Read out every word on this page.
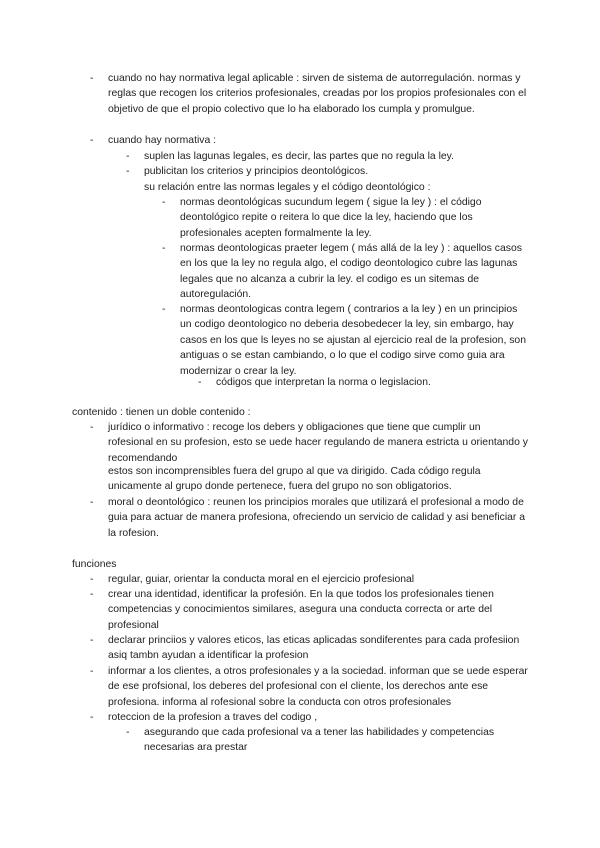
- cuando no hay normativa legal aplicable : sirven de sistema de autorregulación. normas y reglas que recogen los criterios profesionales, creadas por los propios profesionales con el objetivo de que el propio colectivo que lo ha elaborado los cumpla y promulgue.

- cuando hay normativa :

- suplen las lagunas legales, es decir, las partes que no regula la ley.

- publicitan los criterios y principios deontológicos.

su relación entre las normas legales y el código deontológico :

- normas deontológicas sucundum legem ( sigue la ley ) : el código deontológico repite o reitera lo que dice la ley, haciendo que los profesionales acepten formalmente la ley.

- normas deontologicas praeter legem ( más allá de la ley ) : aquellos casos en los que la ley no regula algo, el codigo deontologico cubre las lagunas legales que no alcanza a cubrir la ley. el codigo es un sitemas de autoregulación.

- normas deontologicas contra legem ( contrarios a la ley ) en un principios un codigo deontologico no deberia desobedecer la ley, sin embargo, hay casos en los que ls leyes no se ajustan al ejercicio real de la profesion, son antiguas o se estan cambiando, o lo que el codigo sirve como guia ara modernizar o crear la ley.

- códigos que interpretan la norma o legislacion.

contenido : tienen un doble contenido :

- jurídico o informativo : recoge los debers y obligaciones que tiene que cumplir un rofesional en su profesion, esto se uede hacer regulando de manera estricta u orientando y recomendando

estos son incomprensibles fuera del grupo al que va dirigido. Cada código regula unicamente al grupo donde pertenece, fuera del grupo no son obligatorios.

- moral o deontológico : reunen los principios morales que utilizará el profesional a modo de guia para actuar de manera profesiona, ofreciendo un servicio de calidad y asi beneficiar a la rofesion.

funciones

- regular, guiar, orientar la conducta moral en el ejercicio profesional

- crear una identidad, identificar la profesión. En la que todos los profesionales tienen competencias y conocimientos similares, asegura una conducta correcta or arte del profesional

- declarar princiios y valores eticos, las eticas aplicadas sondiferentes para cada profesiion asiq tambn ayudan a identificar la profesion

- informar a los clientes, a otros profesionales y a la sociedad. informan que se uede esperar de ese profsional, los deberes del profesional con el cliente, los derechos ante ese profesiona. informa al rofesional sobre la conducta con otros profesionales

- roteccion de la profesion a traves del codigo ,

- asegurando que cada profesional va a tener las habilidades y competencias necesarias ara prestar
